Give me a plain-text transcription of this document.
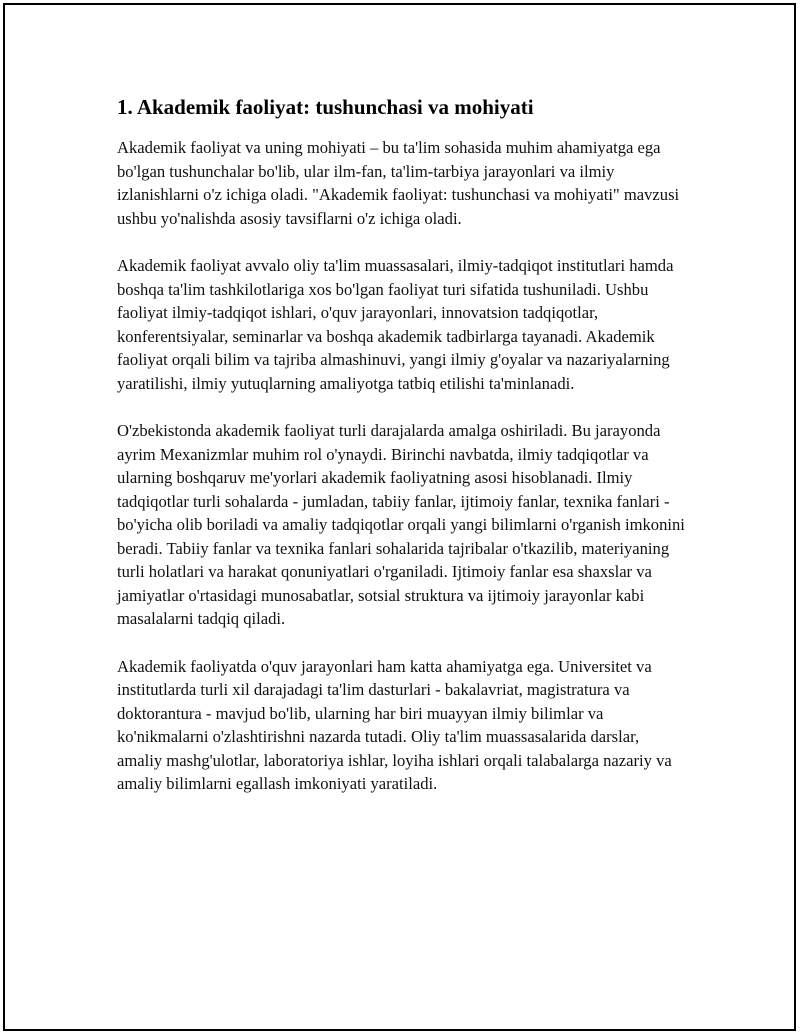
1. Akademik faoliyat: tushunchasi va mohiyati

Akademik faoliyat va uning mohiyati – bu ta'lim sohasida muhim ahamiyatga ega bo'lgan tushunchalar bo'lib, ular ilm-fan, ta'lim-tarbiya jarayonlari va ilmiy izlanishlarni o'z ichiga oladi. "Akademik faoliyat: tushunchasi va mohiyati" mavzusi ushbu yo'nalishda asosiy tavsiflarni o'z ichiga oladi.

Akademik faoliyat avvalo oliy ta'lim muassasalari, ilmiy-tadqiqot institutlari hamda boshqa ta'lim tashkilotlariga xos bo'lgan faoliyat turi sifatida tushuniladi. Ushbu faoliyat ilmiy-tadqiqot ishlari, o'quv jarayonlari, innovatsion tadqiqotlar, konferentsiyalar, seminarlar va boshqa akademik tadbirlarga tayanadi. Akademik faoliyat orqali bilim va tajriba almashinuvi, yangi ilmiy g'oyalar va nazariyalarning yaratilishi, ilmiy yutuqlarning amaliyotga tatbiq etilishi ta'minlanadi.

O'zbekistonda akademik faoliyat turli darajalarda amalga oshiriladi. Bu jarayonda ayrim Mexanizmlar muhim rol o'ynaydi. Birinchi navbatda, ilmiy tadqiqotlar va ularning boshqaruv me'yorlari akademik faoliyatning asosi hisoblanadi. Ilmiy tadqiqotlar turli sohalarda - jumladan, tabiiy fanlar, ijtimoiy fanlar, texnika fanlari - bo'yicha olib boriladi va amaliy tadqiqotlar orqali yangi bilimlarni o'rganish imkonini beradi. Tabiiy fanlar va texnika fanlari sohalarida tajribalar o'tkazilib, materiyaning turli holatlari va harakat qonuniyatlari o'rganiladi. Ijtimoiy fanlar esa shaxslar va jamiyatlar o'rtasidagi munosabatlar, sotsial struktura va ijtimoiy jarayonlar kabi masalalarni tadqiq qiladi.

Akademik faoliyatda o'quv jarayonlari ham katta ahamiyatga ega. Universitet va institutlarda turli xil darajadagi ta'lim dasturlari - bakalavriat, magistratura va doktorantura - mavjud bo'lib, ularning har biri muayyan ilmiy bilimlar va ko'nikmalarni o'zlashtirishni nazarda tutadi. Oliy ta'lim muassasalarida darslar, amaliy mashg'ulotlar, laboratoriya ishlar, loyiha ishlari orqali talabalarga nazariy va amaliy bilimlarni egallash imkoniyati yaratiladi.
